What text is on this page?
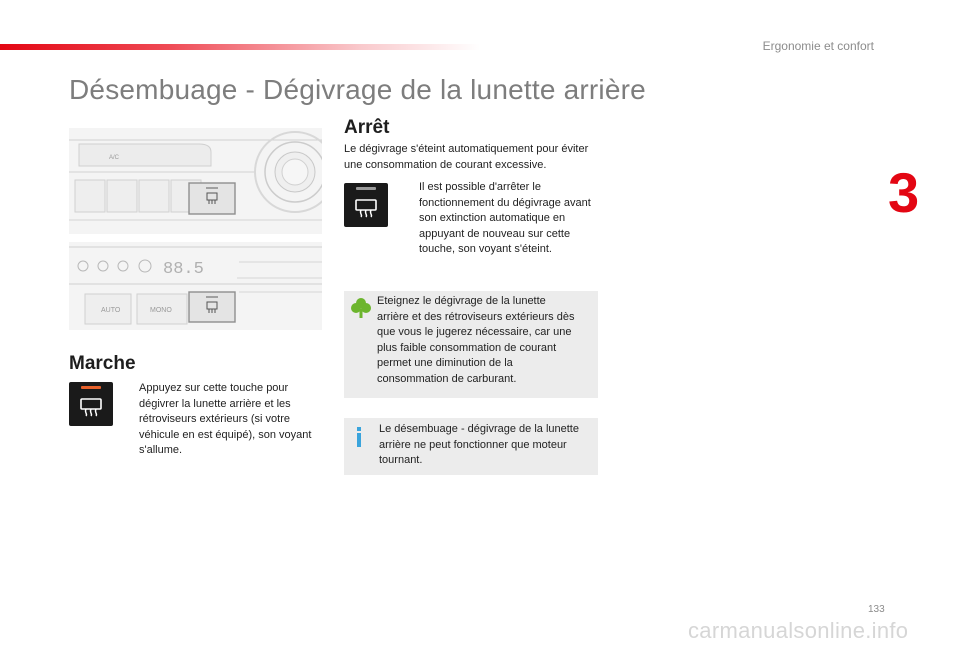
Ergonomie et confort
3
Désembuage - Dégivrage de la lunette arrière
A/C
88.5
AUTO	MONO
Marche
Appuyez sur cette touche pour dégivrer la lunette arrière et les rétroviseurs extérieurs (si votre véhicule en est équipé), son voyant s'allume.
Arrêt
Le dégivrage s'éteint automatiquement pour éviter une consommation de courant excessive.
Il est possible d'arrêter le fonctionnement du dégivrage avant son extinction automatique en appuyant de nouveau sur cette touche, son voyant s'éteint.
Eteignez le dégivrage de la lunette arrière et des rétroviseurs extérieurs dès que vous le jugerez nécessaire, car une plus faible consommation de courant permet une diminution de la consommation de carburant.
Le désembuage - dégivrage de la lunette arrière ne peut fonctionner que moteur tournant.
133
carmanualsonline.info
